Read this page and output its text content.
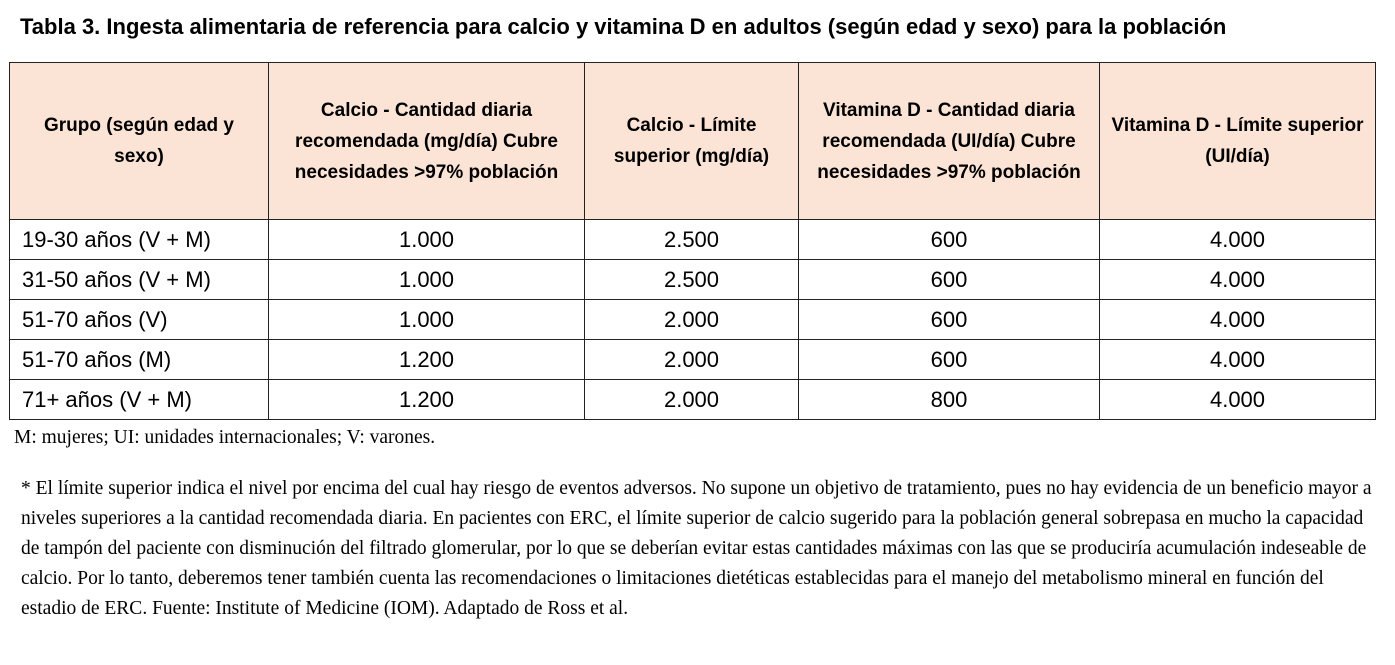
Tabla 3. Ingesta alimentaria de referencia para calcio y vitamina D en adultos (según edad y sexo) para la población
Grupo (según edad y sexo)	Calcio - Cantidad diaria recomendada (mg/día) Cubre necesidades >97% población	Calcio - Límite superior (mg/día)	Vitamina D - Cantidad diaria recomendada (UI/día) Cubre necesidades >97% población	Vitamina D - Límite superior (UI/día)
19-30 años (V + M)	1.000	2.500	600	4.000
31-50 años (V + M)	1.000	2.500	600	4.000
51-70 años (V)	1.000	2.000	600	4.000
51-70 años (M)	1.200	2.000	600	4.000
71+ años (V + M)	1.200	2.000	800	4.000
M: mujeres; UI: unidades internacionales; V: varones.
* El límite superior indica el nivel por encima del cual hay riesgo de eventos adversos. No supone un objetivo de tratamiento, pues no hay evidencia de un beneficio mayor a niveles superiores a la cantidad recomendada diaria. En pacientes con ERC, el límite superior de calcio sugerido para la población general sobrepasa en mucho la capacidad de tampón del paciente con disminución del filtrado glomerular, por lo que se deberían evitar estas cantidades máximas con las que se produciría acumulación indeseable de calcio. Por lo tanto, deberemos tener también cuenta las recomendaciones o limitaciones dietéticas establecidas para el manejo del metabolismo mineral en función del estadio de ERC. Fuente: Institute of Medicine (IOM). Adaptado de Ross et al.
